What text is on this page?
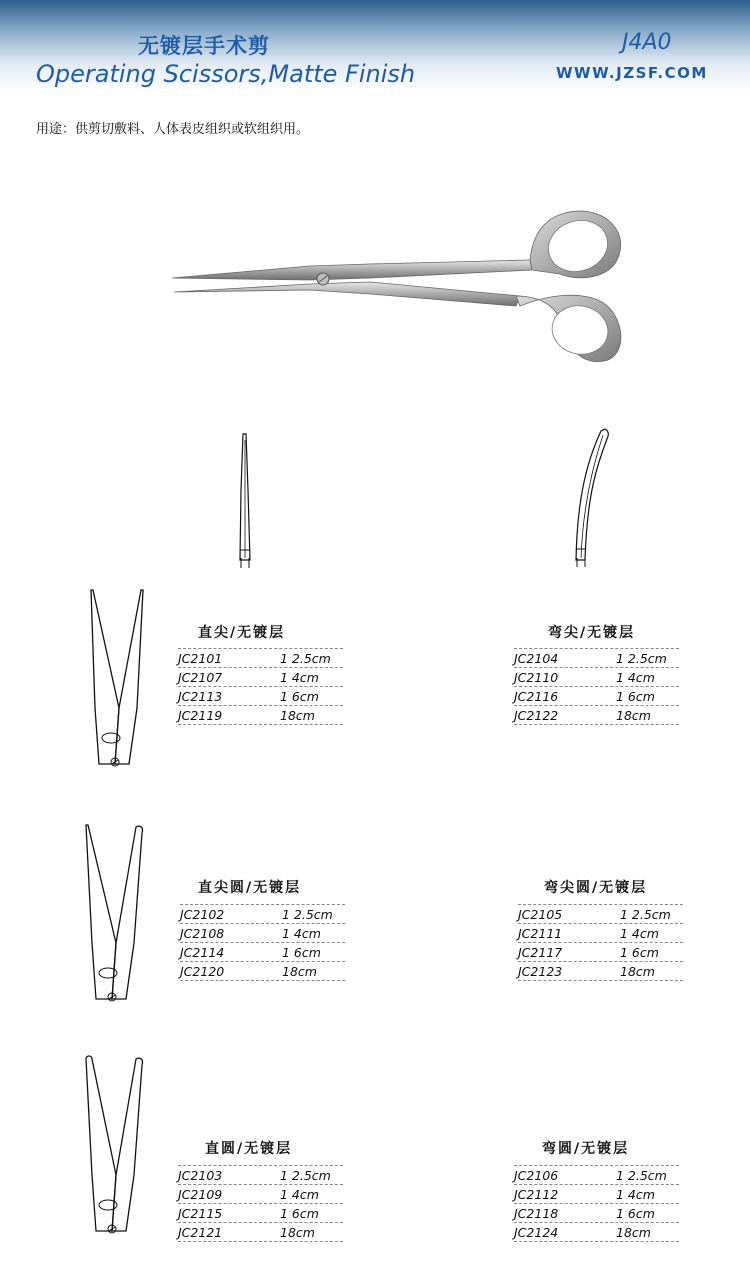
无镀层手术剪
Operating Scissors,Matte Finish
J4A0
WWW.JZSF.COM
用途：供剪切敷料、人体表皮组织或软组织用。
直尖/无镀层	弯尖/无镀层
JC2101	1 2.5cm
JC2107	1 4cm
JC2113	1 6cm
JC2119	18cm
JC2104	1 2.5cm
JC2110	1 4cm
JC2116	1 6cm
JC2122	18cm
直尖圆/无镀层	弯尖圆/无镀层
JC2102	1 2.5cm
JC2108	1 4cm
JC2114	1 6cm
JC2120	18cm
JC2105	1 2.5cm
JC2111	1 4cm
JC2117	1 6cm
JC2123	18cm
直圆/无镀层	弯圆/无镀层
JC2103	1 2.5cm
JC2109	1 4cm
JC2115	1 6cm
JC2121	18cm
JC2106	1 2.5cm
JC2112	1 4cm
JC2118	1 6cm
JC2124	18cm
